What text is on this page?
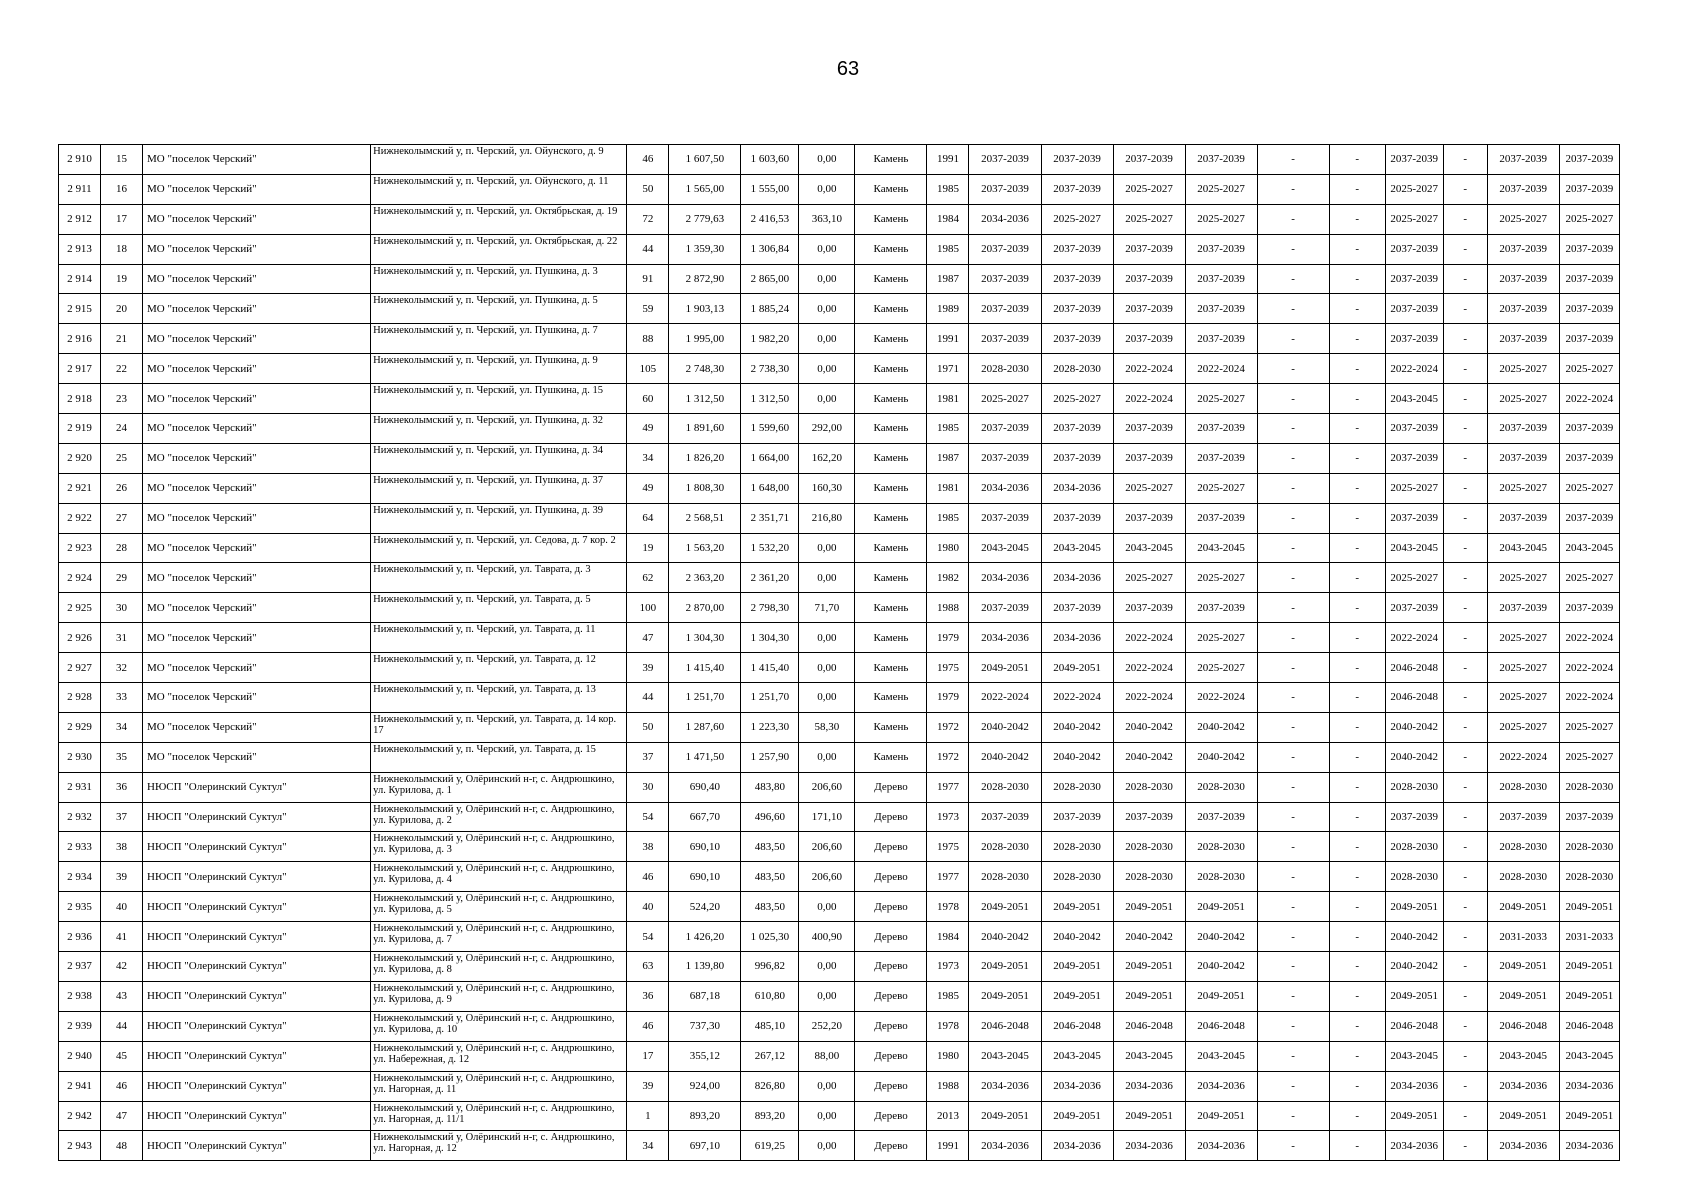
63
2 910	15	МО "поселок Черский"	Нижнеколымский у, п. Черский, ул. Ойунского, д. 9	46	1 607,50	1 603,60	0,00	Камень	1991	2037-2039	2037-2039	2037-2039	2037-2039	-	-	2037-2039	-	2037-2039	2037-2039
2 911	16	МО "поселок Черский"	Нижнеколымский у, п. Черский, ул. Ойунского, д. 11	50	1 565,00	1 555,00	0,00	Камень	1985	2037-2039	2037-2039	2025-2027	2025-2027	-	-	2025-2027	-	2037-2039	2037-2039
2 912	17	МО "поселок Черский"	Нижнеколымский у, п. Черский, ул. Октябрьская, д. 19	72	2 779,63	2 416,53	363,10	Камень	1984	2034-2036	2025-2027	2025-2027	2025-2027	-	-	2025-2027	-	2025-2027	2025-2027
2 913	18	МО "поселок Черский"	Нижнеколымский у, п. Черский, ул. Октябрьская, д. 22	44	1 359,30	1 306,84	0,00	Камень	1985	2037-2039	2037-2039	2037-2039	2037-2039	-	-	2037-2039	-	2037-2039	2037-2039
2 914	19	МО "поселок Черский"	Нижнеколымский у, п. Черский, ул. Пушкина, д. 3	91	2 872,90	2 865,00	0,00	Камень	1987	2037-2039	2037-2039	2037-2039	2037-2039	-	-	2037-2039	-	2037-2039	2037-2039
2 915	20	МО "поселок Черский"	Нижнеколымский у, п. Черский, ул. Пушкина, д. 5	59	1 903,13	1 885,24	0,00	Камень	1989	2037-2039	2037-2039	2037-2039	2037-2039	-	-	2037-2039	-	2037-2039	2037-2039
2 916	21	МО "поселок Черский"	Нижнеколымский у, п. Черский, ул. Пушкина, д. 7	88	1 995,00	1 982,20	0,00	Камень	1991	2037-2039	2037-2039	2037-2039	2037-2039	-	-	2037-2039	-	2037-2039	2037-2039
2 917	22	МО "поселок Черский"	Нижнеколымский у, п. Черский, ул. Пушкина, д. 9	105	2 748,30	2 738,30	0,00	Камень	1971	2028-2030	2028-2030	2022-2024	2022-2024	-	-	2022-2024	-	2025-2027	2025-2027
2 918	23	МО "поселок Черский"	Нижнеколымский у, п. Черский, ул. Пушкина, д. 15	60	1 312,50	1 312,50	0,00	Камень	1981	2025-2027	2025-2027	2022-2024	2025-2027	-	-	2043-2045	-	2025-2027	2022-2024
2 919	24	МО "поселок Черский"	Нижнеколымский у, п. Черский, ул. Пушкина, д. 32	49	1 891,60	1 599,60	292,00	Камень	1985	2037-2039	2037-2039	2037-2039	2037-2039	-	-	2037-2039	-	2037-2039	2037-2039
2 920	25	МО "поселок Черский"	Нижнеколымский у, п. Черский, ул. Пушкина, д. 34	34	1 826,20	1 664,00	162,20	Камень	1987	2037-2039	2037-2039	2037-2039	2037-2039	-	-	2037-2039	-	2037-2039	2037-2039
2 921	26	МО "поселок Черский"	Нижнеколымский у, п. Черский, ул. Пушкина, д. 37	49	1 808,30	1 648,00	160,30	Камень	1981	2034-2036	2034-2036	2025-2027	2025-2027	-	-	2025-2027	-	2025-2027	2025-2027
2 922	27	МО "поселок Черский"	Нижнеколымский у, п. Черский, ул. Пушкина, д. 39	64	2 568,51	2 351,71	216,80	Камень	1985	2037-2039	2037-2039	2037-2039	2037-2039	-	-	2037-2039	-	2037-2039	2037-2039
2 923	28	МО "поселок Черский"	Нижнеколымский у, п. Черский, ул. Седова, д. 7 кор. 2	19	1 563,20	1 532,20	0,00	Камень	1980	2043-2045	2043-2045	2043-2045	2043-2045	-	-	2043-2045	-	2043-2045	2043-2045
2 924	29	МО "поселок Черский"	Нижнеколымский у, п. Черский, ул. Таврата, д. 3	62	2 363,20	2 361,20	0,00	Камень	1982	2034-2036	2034-2036	2025-2027	2025-2027	-	-	2025-2027	-	2025-2027	2025-2027
2 925	30	МО "поселок Черский"	Нижнеколымский у, п. Черский, ул. Таврата, д. 5	100	2 870,00	2 798,30	71,70	Камень	1988	2037-2039	2037-2039	2037-2039	2037-2039	-	-	2037-2039	-	2037-2039	2037-2039
2 926	31	МО "поселок Черский"	Нижнеколымский у, п. Черский, ул. Таврата, д. 11	47	1 304,30	1 304,30	0,00	Камень	1979	2034-2036	2034-2036	2022-2024	2025-2027	-	-	2022-2024	-	2025-2027	2022-2024
2 927	32	МО "поселок Черский"	Нижнеколымский у, п. Черский, ул. Таврата, д. 12	39	1 415,40	1 415,40	0,00	Камень	1975	2049-2051	2049-2051	2022-2024	2025-2027	-	-	2046-2048	-	2025-2027	2022-2024
2 928	33	МО "поселок Черский"	Нижнеколымский у, п. Черский, ул. Таврата, д. 13	44	1 251,70	1 251,70	0,00	Камень	1979	2022-2024	2022-2024	2022-2024	2022-2024	-	-	2046-2048	-	2025-2027	2022-2024
2 929	34	МО "поселок Черский"	Нижнеколымский у, п. Черский, ул. Таврата, д. 14 кор. 17	50	1 287,60	1 223,30	58,30	Камень	1972	2040-2042	2040-2042	2040-2042	2040-2042	-	-	2040-2042	-	2025-2027	2025-2027
2 930	35	МО "поселок Черский"	Нижнеколымский у, п. Черский, ул. Таврата, д. 15	37	1 471,50	1 257,90	0,00	Камень	1972	2040-2042	2040-2042	2040-2042	2040-2042	-	-	2040-2042	-	2022-2024	2025-2027
2 931	36	НЮСП "Олеринский Суктул"	Нижнеколымский у, Олёринский н-г, с. Андрюшкино, ул. Курилова, д. 1	30	690,40	483,80	206,60	Дерево	1977	2028-2030	2028-2030	2028-2030	2028-2030	-	-	2028-2030	-	2028-2030	2028-2030
2 932	37	НЮСП "Олеринский Суктул"	Нижнеколымский у, Олёринский н-г, с. Андрюшкино, ул. Курилова, д. 2	54	667,70	496,60	171,10	Дерево	1973	2037-2039	2037-2039	2037-2039	2037-2039	-	-	2037-2039	-	2037-2039	2037-2039
2 933	38	НЮСП "Олеринский Суктул"	Нижнеколымский у, Олёринский н-г, с. Андрюшкино, ул. Курилова, д. 3	38	690,10	483,50	206,60	Дерево	1975	2028-2030	2028-2030	2028-2030	2028-2030	-	-	2028-2030	-	2028-2030	2028-2030
2 934	39	НЮСП "Олеринский Суктул"	Нижнеколымский у, Олёринский н-г, с. Андрюшкино, ул. Курилова, д. 4	46	690,10	483,50	206,60	Дерево	1977	2028-2030	2028-2030	2028-2030	2028-2030	-	-	2028-2030	-	2028-2030	2028-2030
2 935	40	НЮСП "Олеринский Суктул"	Нижнеколымский у, Олёринский н-г, с. Андрюшкино, ул. Курилова, д. 5	40	524,20	483,50	0,00	Дерево	1978	2049-2051	2049-2051	2049-2051	2049-2051	-	-	2049-2051	-	2049-2051	2049-2051
2 936	41	НЮСП "Олеринский Суктул"	Нижнеколымский у, Олёринский н-г, с. Андрюшкино, ул. Курилова, д. 7	54	1 426,20	1 025,30	400,90	Дерево	1984	2040-2042	2040-2042	2040-2042	2040-2042	-	-	2040-2042	-	2031-2033	2031-2033
2 937	42	НЮСП "Олеринский Суктул"	Нижнеколымский у, Олёринский н-г, с. Андрюшкино, ул. Курилова, д. 8	63	1 139,80	996,82	0,00	Дерево	1973	2049-2051	2049-2051	2049-2051	2040-2042	-	-	2040-2042	-	2049-2051	2049-2051
2 938	43	НЮСП "Олеринский Суктул"	Нижнеколымский у, Олёринский н-г, с. Андрюшкино, ул. Курилова, д. 9	36	687,18	610,80	0,00	Дерево	1985	2049-2051	2049-2051	2049-2051	2049-2051	-	-	2049-2051	-	2049-2051	2049-2051
2 939	44	НЮСП "Олеринский Суктул"	Нижнеколымский у, Олёринский н-г, с. Андрюшкино, ул. Курилова, д. 10	46	737,30	485,10	252,20	Дерево	1978	2046-2048	2046-2048	2046-2048	2046-2048	-	-	2046-2048	-	2046-2048	2046-2048
2 940	45	НЮСП "Олеринский Суктул"	Нижнеколымский у, Олёринский н-г, с. Андрюшкино, ул. Набережная, д. 12	17	355,12	267,12	88,00	Дерево	1980	2043-2045	2043-2045	2043-2045	2043-2045	-	-	2043-2045	-	2043-2045	2043-2045
2 941	46	НЮСП "Олеринский Суктул"	Нижнеколымский у, Олёринский н-г, с. Андрюшкино, ул. Нагорная, д. 11	39	924,00	826,80	0,00	Дерево	1988	2034-2036	2034-2036	2034-2036	2034-2036	-	-	2034-2036	-	2034-2036	2034-2036
2 942	47	НЮСП "Олеринский Суктул"	Нижнеколымский у, Олёринский н-г, с. Андрюшкино, ул. Нагорная, д. 11/1	1	893,20	893,20	0,00	Дерево	2013	2049-2051	2049-2051	2049-2051	2049-2051	-	-	2049-2051	-	2049-2051	2049-2051
2 943	48	НЮСП "Олеринский Суктул"	Нижнеколымский у, Олёринский н-г, с. Андрюшкино, ул. Нагорная, д. 12	34	697,10	619,25	0,00	Дерево	1991	2034-2036	2034-2036	2034-2036	2034-2036	-	-	2034-2036	-	2034-2036	2034-2036
